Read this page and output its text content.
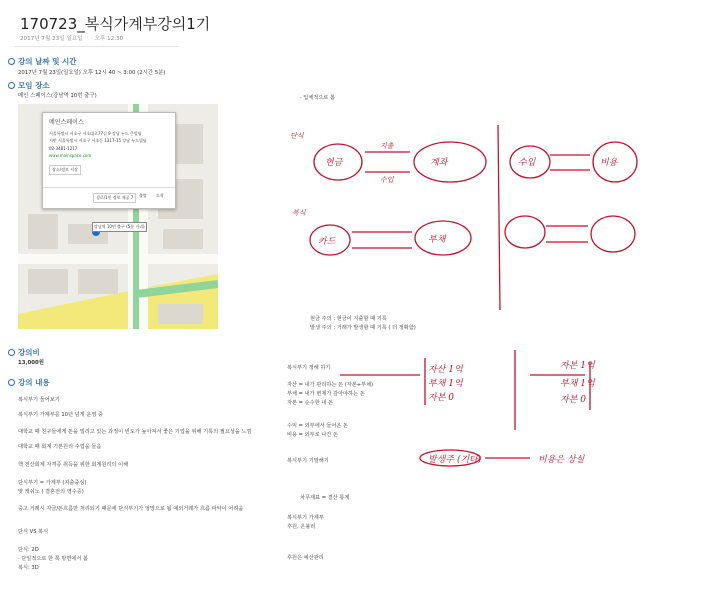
170723_복식가계부강의1기
2017년 7월 23일 일요일 오후 12:30
강의 날짜 및 시간
2017년 7월 23일(일요일) 오후 12시 40 ~ 3:00 (2시간 5분)
모임 장소
메인 스페이스(강남역 10번 출구)
메인스페이스
서울특별시 서초구 서초대로77길 9 강남 누드 큰빌딩
지번 서울특별시 서초구 서초동 1317-15 강남 누드빌딩
02-3481-1217
www.mainspace.com
장소/정보 저장
경로/1인 정보 제공 7	출발 도착
강남역 10번 출구 (5분 거리)
강의비
13,000원
강의 내용
복식부기 들어보기
복식부기 가계부를 10년 넘게 운영 중
대학교 때 친구들에게 돈을 빌리고 있는 과정이 빈도가 높아져서 좋은 기업을 위해 기록의 필요성을 느낌
대학교 때 회계 기본원리 수업을 들음
핵 전산회계 자격증 취득을 위한 회계원리의 이해
단식부기 = 가계부 (지출중심)
맞 캐쉬노 ( 결혼전의 영수증)
중고 거래시 자금/돈흐름만 처리되기 때문에 단식부기가 엉망으로 됨 예외거래가 흐름 파악이 어려움
단식 VS 복식
단식: 2D
· 단일적으로 한 쪽 방면에서 봄
복식: 3D
· 입체적으로 봄
현금 주의 : 현금이 지출할 때 기록
발생 주의 : 거래가 발생할 때 기록 ( 더 정확함)
복식부기 정해 하기
자산 = 내가 관리하는 돈 (자본+부채)
부채 = 내가 변제가 갚아야하는 돈
자본 = 순수한 내 돈
수익 = 외부에서 들어온 돈
비용 = 외부로 나간 돈
복식부기 기말해기
차무재표 = 결산 통계
복식부기 가계부
후원, 온불러
후원은 예산관리
단식
현금	계좌
지출
수입
복식
카드	부채
수입	비용
자산 1억
부채 1억
자본 0
자본 1억
부채 1억
자본 0
발생주 (기타)	비용은 상실
